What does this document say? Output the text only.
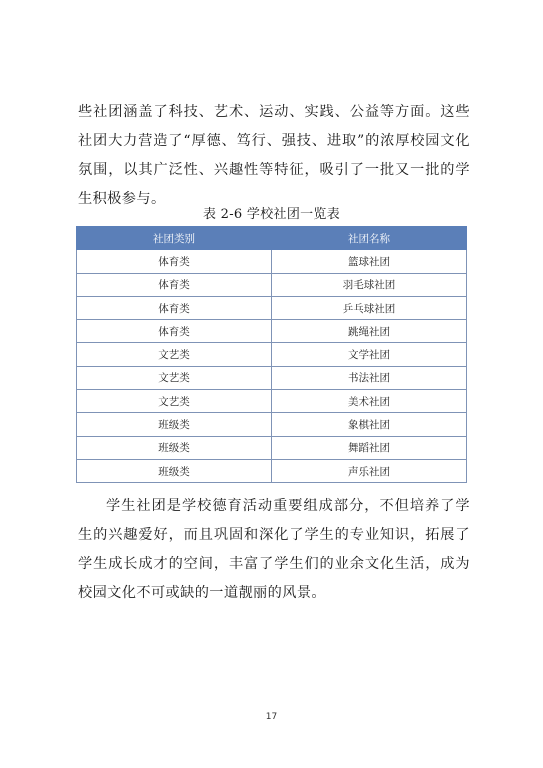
些社团涵盖了科技、艺术、运动、实践、公益等方面。这些社团大力营造了“厚德、笃行、强技、进取”的浓厚校园文化氛围，以其广泛性、兴趣性等特征，吸引了一批又一批的学生积极参与。

表 2-6 学校社团一览表
社团类别	社团名称
体育类	篮球社团
体育类	羽毛球社团
体育类	乒乓球社团
体育类	跳绳社团
文艺类	文学社团
文艺类	书法社团
文艺类	美术社团
班级类	象棋社团
班级类	舞蹈社团
班级类	声乐社团

学生社团是学校德育活动重要组成部分，不但培养了学生的兴趣爱好，而且巩固和深化了学生的专业知识，拓展了学生成长成才的空间，丰富了学生们的业余文化生活，成为校园文化不可或缺的一道靓丽的风景。

17
